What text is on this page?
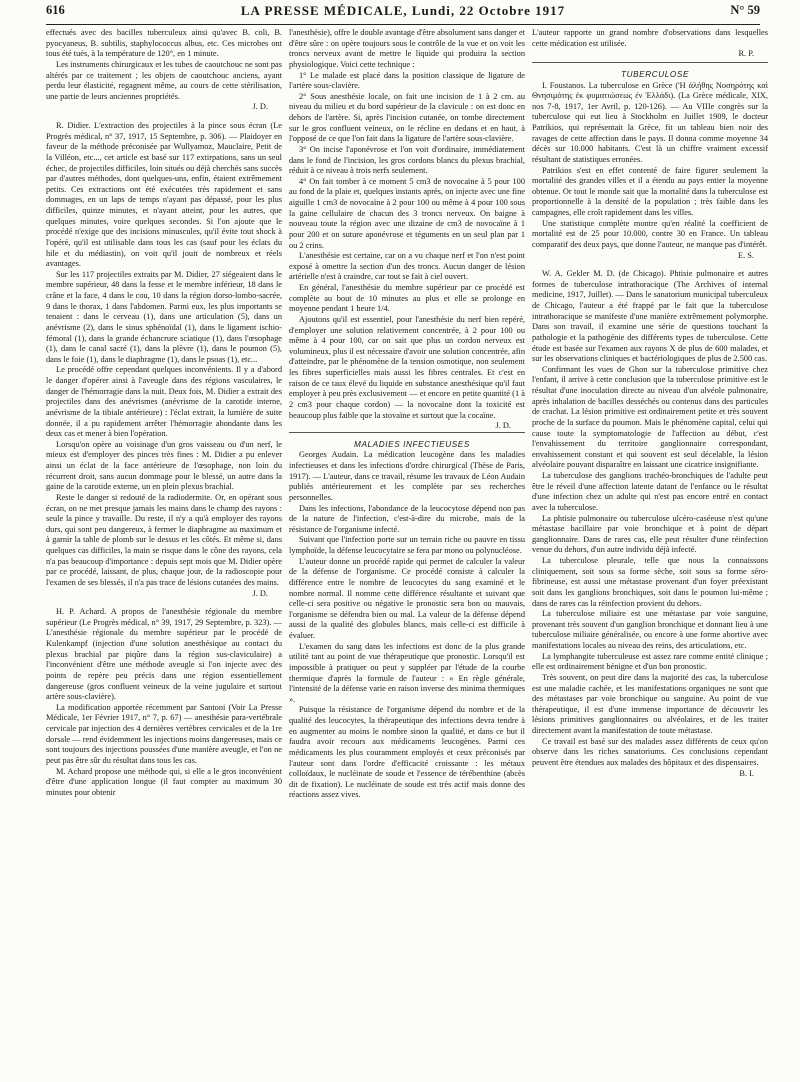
616	LA PRESSE MÉDICALE, Lundi, 22 Octobre 1917	N° 59

effectués avec des bacilles tuberculeux ainsi qu'avec B. coli, B. pyocyaneus, B. subtilis, staphylococcus albus, etc. Ces microbes ont tous été tués, à la température de 120°, en 1 minute.

Les instruments chirurgicaux et les tubes de caoutchouc ne sont pas altérés par ce traitement ; les objets de caoutchouc anciens, ayant perdu leur élasticité, regagnent même, au cours de cette stérilisation, une partie de leurs anciennes propriétés.

J. D.

R. Didier. L'extraction des projectiles à la pince sous écran (Le Progrès médical, n° 37, 1917, 15 Septembre, p. 306). — Plaidoyer en faveur de la méthode préconisée par Wullyamoz, Mauclaire, Petit de la Villéon, etc..., cet article est basé sur 117 extirpations, sans un seul échec, de projectiles difficiles, loin situés ou déjà cherchés sans succès par d'autres méthodes, dont quelques-uns, enfin, étaient extrêmement petits. Ces extractions ont été exécutées très rapidement et sans dommages, en un laps de temps n'ayant pas dépassé, pour les plus difficiles, quinze minutes, et n'ayant atteint, pour les autres, que quelques minutes, voire quelques secondes. Si l'on ajoute que le procédé n'exige que des incisions minuscules, qu'il évite tout shock à l'opéré, qu'il est utilisable dans tous les cas (sauf pour les éclats du hile et du médiastin), on voit qu'il jouit de nombreux et réels avantages.

Sur les 117 projectiles extraits par M. Didier, 27 siégeaient dans le membre supérieur, 48 dans la fesse et le membre inférieur, 18 dans le crâne et la face, 4 dans le cou, 10 dans la région dorso-lombo-sacrée, 9 dans le thorax, 1 dans l'abdomen. Parmi eux, les plus importants se tenaient : dans le cerveau (1), dans une articulation (5), dans un anévrisme (2), dans le sinus sphénoïdal (1), dans le ligament ischio-fémoral (1), dans la grande échancrure sciatique (1), dans l'œsophage (1), dans le canal sacré (1), dans la plèvre (1), dans le poumon (5), dans le foie (1), dans le diaphragme (1), dans le psoas (1), etc...

Le procédé offre cependant quelques inconvénients. Il y a d'abord le danger d'opérer ainsi à l'aveugle dans des régions vasculaires, le danger de l'hémorragie dans la nuit. Deux fois, M. Didier a extrait des projectiles dans des anévrismes (anévrisme de la carotide interne, anévrisme de la tibiale antérieure) : l'éclat extrait, la lumière de suite donnée, il a pu rapidement arrêter l'hémorragie abondante dans les deux cas et mener à bien l'opération.

Lorsqu'on opère au voisinage d'un gros vaisseau ou d'un nerf, le mieux est d'employer des pinces très fines : M. Didier a pu enlever ainsi un éclat de la face antérieure de l'œsophage, non loin du récurrent droit, sans aucun dommage pour le blessé, un autre dans la gaine de la carotide externe, un en plein plexus brachial.

Reste le danger si redouté de la radiodermite. Or, en opérant sous écran, on ne met presque jamais les mains dans le champ des rayons : seule la pince y travaille. Du reste, il n'y a qu'à employer des rayons durs, qui sont peu dangereux, à fermer le diaphragme au maximum et à garnir la table de plomb sur le dessus et les côtés. Et même si, dans quelques cas difficiles, la main se risque dans le cône des rayons, cela n'a pas beaucoup d'importance : depuis sept mois que M. Didier opère par ce procédé, laissant, de plus, chaque jour, de la radioscopie pour l'examen de ses blessés, il n'a pas trace de lésions cutanées des mains.

J. D.

H. P. Achard. A propos de l'anesthésie régionale du membre supérieur (Le Progrès médical, n° 39, 1917, 29 Septembre, p. 323). — L'anesthésie régionale du membre supérieur par le procédé de Kulenkampf (injection d'une solution anesthésique au contact du plexus brachial par piqûre dans la région sus-claviculaire) a l'inconvénient d'être une méthode aveugle si l'on injecte avec des points de repère peu précis dans une région essentiellement dangereuse (gros confluent veineux de la veine jugulaire et surtout artère sous-clavière).

La modification apportée récemment par Santoni (Voir La Presse Médicale, 1er Février 1917, n° 7, p. 67) — anesthésie para-vertébrale cervicale par injection des 4 dernières vertèbres cervicales et de la 1re dorsale — rend évidemment les injections moins dangereuses, mais ce sont toujours des injections poussées d'une manière aveugle, et l'on ne peut pas être sûr du résultat dans tous les cas.

M. Achard propose une méthode qui, si elle a le gros inconvénient d'être d'une application longue (il faut compter au maximum 30 minutes pour obtenir

l'anesthésie), offre le double avantage d'être absolument sans danger et d'être sûre : on opère toujours sous le contrôle de la vue et on voit les troncs nerveux avant de mettre le liquide qui produira la section physiologique. Voici cette technique :

1° Le malade est placé dans la position classique de ligature de l'artère sous-clavière.

2° Sous anesthésie locale, on fait une incision de 1 à 2 cm. au niveau du milieu et du bord supérieur de la clavicule : on est donc en dehors de l'artère. Si, après l'incision cutanée, on tombe directement sur le gros confluent veineux, on le récline en dedans et en haut, à l'opposé de ce que l'on fait dans la ligature de l'artère sous-clavière.

3° On incise l'aponévrose et l'on voit d'ordinaire, immédiatement dans le fond de l'incision, les gros cordons blancs du plexus brachial, réduit à ce niveau à trois nerfs seulement.

4° On fait tomber à ce moment 5 cm3 de novocaïne à 5 pour 100 au fond de la plaie et, quelques instants après, on injecte avec une fine aiguille 1 cm3 de novocaïne à 2 pour 100 ou même à 4 pour 100 sous la gaine cellulaire de chacun des 3 troncs nerveux. On baigne à nouveau toute la région avec une dizaine de cm3 de novocaïne à 1 pour 200 et on suture aponévrose et téguments en un seul plan par 1 ou 2 crins.

L'anesthésie est certaine, car on a vu chaque nerf et l'on n'est point exposé à omettre la section d'un des troncs. Aucun danger de lésion artérielle n'est à craindre, car tout se fait à ciel ouvert.

En général, l'anesthésie du membre supérieur par ce procédé est complète au bout de 10 minutes au plus et elle se prolonge en moyenne pendant 1 heure 1/4.

Ajoutons qu'il est essentiel, pour l'anesthésie du nerf bien repéré, d'employer une solution relativement concentrée, à 2 pour 100 ou même à 4 pour 100, car on sait que plus un cordon nerveux est volumineux, plus il est nécessaire d'avoir une solution concentrée, afin d'atteindre, par le phénomène de la tension osmotique, non seulement les fibres superficielles mais aussi les fibres centrales. Et c'est en raison de ce taux élevé du liquide en substance anesthésique qu'il faut employer à peu près exclusivement — et encore en petite quantité (1 à 2 cm3 pour chaque cordon) — la novocaïne dont la toxicité est beaucoup plus faible que la stovaïne et surtout que la cocaïne.

J. D.

MALADIES INFECTIEUSES

Georges Audain. La médication leucogène dans les maladies infectieuses et dans les infections d'ordre chirurgical (Thèse de Paris, 1917). — L'auteur, dans ce travail, résume les travaux de Léon Audain publiés antérieurement et les complète par ses recherches personnelles.

Dans les infections, l'abondance de la leucocytose dépend non pas de la nature de l'infection, c'est-à-dire du microbe, mais de la résistance de l'organisme infecté.

Suivant que l'infection porte sur un terrain riche ou pauvre en tissu lymphoïde, la défense leucocytaire se fera par mono ou polynucléose.

L'auteur donne un procédé rapide qui permet de calculer la valeur de la défense de l'organisme. Ce procédé consiste à calculer la différence entre le nombre de leucocytes du sang examiné et le nombre normal. Il nomme cette différence résultante et suivant que celle-ci sera positive ou négative le pronostic sera bon ou mauvais, l'organisme se défendra bien ou mal. La valeur de la défense dépend aussi de la qualité des globules blancs, mais celle-ci est difficile à évaluer.

L'examen du sang dans les infections est donc de la plus grande utilité tant au point de vue thérapeutique que pronostic. Lorsqu'il est impossible à pratiquer ou peut y suppléer par l'étude de la courbe thermique d'après la formule de l'auteur : « En règle générale, l'intensité de la défense varie en raison inverse des minima thermiques ».

Puisque la résistance de l'organisme dépend du nombre et de la qualité des leucocytes, la thérapeutique des infections devra tendre à en augmenter au moins le nombre sinon la qualité, et dans ce but il faudra avoir recours aux médicaments leucogènes. Parmi ces médicaments les plus couramment employés et ceux préconisés par l'auteur sont dans l'ordre d'efficacité croissante : les métaux colloïdaux, le nucléinate de soude et l'essence de térébenthine (abcès dit de fixation). Le nucléinate de soude est très actif mais donne des réactions assez vives.

L'auteur rapporte un grand nombre d'observations dans lesquelles cette médication est utilisée.

R. P.

TUBERCULOSE

I. Foustanos. La tuberculose en Grèce ('Η ἀλήθης Νοσηρότης καὶ Θνησιμότης ἐκ φυματιώσεως ἐν Ἑλλάδι). (La Grèce médicale, XIX, nos 7-8, 1917, 1er Avril, p. 120-126). — Au VIIIe congrès sur la tuberculose qui eut lieu à Stockholm en Juillet 1909, le docteur Patrikios, qui représentait la Grèce, fit un tableau bien noir des ravages de cette affection dans le pays. Il donna comme moyenne 34 décès sur 10.000 habitants. C'est là un chiffre vraiment excessif résultant de statistiques erronées.

Patrikios s'est en effet contenté de faire figurer seulement la mortalité des grandes villes et il a étendu au pays entier la moyenne obtenue. Or tout le monde sait que la mortalité dans la tuberculose est proportionnelle à la densité de la population ; très faible dans les campagnes, elle croît rapidement dans les villes.

Une statistique complète montre qu'en réalité la coefficient de mortalité est de 25 pour 10.000, contre 30 en France. Un tableau comparatif des deux pays, que donne l'auteur, ne manque pas d'intérêt.

E. S.

W. A. Gekler M. D. (de Chicago). Phtisie pulmonaire et autres formes de tuberculose intrathoracique (The Archives of internal medicine, 1917, Juillet). — Dans le sanatorium municipal tuberculeux de Chicago, l'auteur a été frappé par le fait que la tuberculose intrathoracique se manifeste d'une manière extrêmement polymorphe. Dans son travail, il examine une série de questions touchant la pathologie et la pathogénie des différents types de tuberculose. Cette étude est basée sur l'examen aux rayons X de plus de 600 malades, et sur les observations cliniques et bactériologiques de plus de 2.500 cas.

Confirmant les vues de Ghon sur la tuberculose primitive chez l'enfant, il arrive à cette conclusion que la tuberculose primitive est le résultat d'une inoculation directe au niveau d'un alvéole pulmonaire, après inhalation de bacilles desséchés ou contenus dans des particules de crachat. La lésion primitive est ordinairement petite et très souvent proche de la surface du poumon. Mais le phénomène capital, celui qui cause toute la symptomatologie de l'affection au début, c'est l'envahissement du territoire ganglionnaire correspondant, envahissement constant et qui souvent est seul décelable, la lésion alvéolaire pouvant disparaître en laissant une cicatrice insignifiante.

La tuberculose des ganglions trachéo-bronchiques de l'adulte peut être le réveil d'une affection latente datant de l'enfance ou le résultat d'une infection chez un adulte qui n'est pas encore entré en contact avec la tuberculose.

La phtisie pulmonaire ou tuberculose ulcéro-caséeuse n'est qu'une métastase bacillaire par voie bronchique et à point de départ ganglionnaire. Dans de rares cas, elle peut résulter d'une réinfection venue du dehors, d'un autre individu déjà infecté.

La tuberculose pleurale, telle que nous la connaissons cliniquement, soit sous sa forme sèche, soit sous sa forme séro-fibrineuse, est aussi une métastase provenant d'un foyer préexistant soit dans les ganglions bronchiques, soit dans le poumon lui-même ; dans de rares cas la réinfection provient du dehors.

La tuberculose miliaire est une métastase par voie sanguine, provenant très souvent d'un ganglion bronchique et donnant lieu à une tuberculose miliaire généralisée, ou encore à une forme abortive avec manifestations locales au niveau des reins, des articulations, etc.

La lymphangite tuberculeuse est assez rare comme entité clinique ; elle est ordinairement bénigne et d'un bon pronostic.

Très souvent, on peut dire dans la majorité des cas, la tuberculose est une maladie cachée, et les manifestations organiques ne sont que des métastases par voie bronchique ou sanguine. Au point de vue thérapeutique, il est d'une immense importance de découvrir les lésions primitives ganglionnaires ou alvéolaires, et de les traiter directement avant la manifestation de toute métastase.

Ce travail est basé sur des malades assez différents de ceux qu'on observe dans les riches sanatoriums. Ces conclusions cependant peuvent être étendues aux malades des hôpitaux et des dispensaires.

B. I.
